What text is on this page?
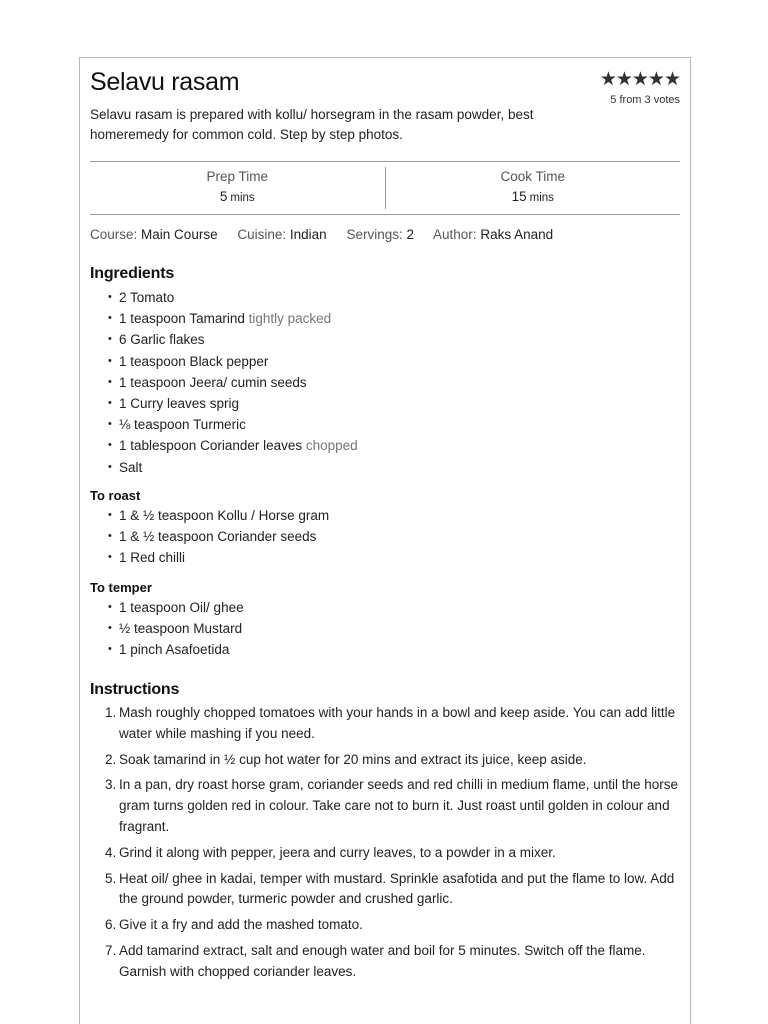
Selavu rasam	★★★★★
5 from 3 votes

Selavu rasam is prepared with kollu/ horsegram in the rasam powder, best homeremedy for common cold. Step by step photos.

Prep Time
5 mins
Cook Time
15 mins
Course: Main Course Cuisine: Indian Servings: 2 Author: Raks Anand
Ingredients
• 2 Tomato
• 1 teaspoon Tamarind tightly packed
• 6 Garlic flakes
• 1 teaspoon Black pepper
• 1 teaspoon Jeera/ cumin seeds
• 1 Curry leaves sprig
• ⅛ teaspoon Turmeric
• 1 tablespoon Coriander leaves chopped
• Salt
To roast
• 1 & ½ teaspoon Kollu / Horse gram
• 1 & ½ teaspoon Coriander seeds
• 1 Red chilli
To temper
• 1 teaspoon Oil/ ghee
• ½ teaspoon Mustard
• 1 pinch Asafoetida
Instructions
1. Mash roughly chopped tomatoes with your hands in a bowl and keep aside. You can add little water while mashing if you need.
2. Soak tamarind in ½ cup hot water for 20 mins and extract its juice, keep aside.
3. In a pan, dry roast horse gram, coriander seeds and red chilli in medium flame, until the horse gram turns golden red in colour. Take care not to burn it. Just roast until golden in colour and fragrant.
4. Grind it along with pepper, jeera and curry leaves, to a powder in a mixer.
5. Heat oil/ ghee in kadai, temper with mustard. Sprinkle asafotida and put the flame to low. Add the ground powder, turmeric powder and crushed garlic.
6. Give it a fry and add the mashed tomato.
7. Add tamarind extract, salt and enough water and boil for 5 minutes. Switch off the flame. Garnish with chopped coriander leaves.
